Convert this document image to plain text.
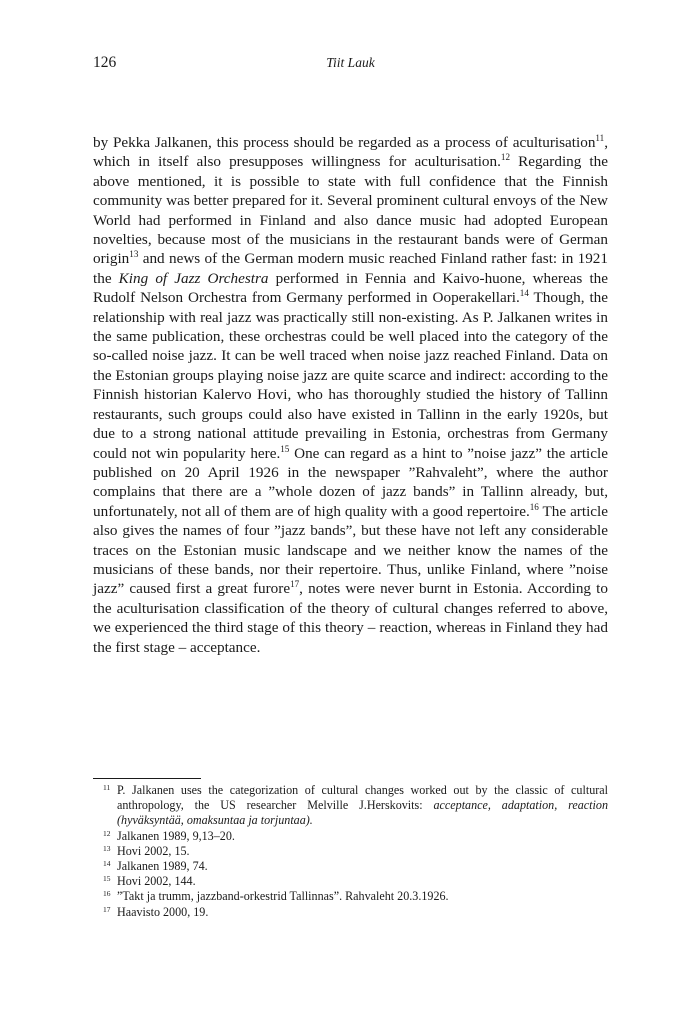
126	Tiit Lauk

by Pekka Jalkanen, this process should be regarded as a process of aculturisation$^{11}$, which in itself also presupposes willingness for aculturisation.$^{12}$ Regarding the above mentioned, it is possible to state with full confidence that the Finnish community was better prepared for it. Several prominent cultural envoys of the New World had performed in Finland and also dance music had adopted European novelties, because most of the musicians in the restaurant bands were of German origin$^{13}$ and news of the German modern music reached Finland rather fast: in 1921 the King of Jazz Orchestra performed in Fennia and Kaivo-huone, whereas the Rudolf Nelson Orchestra from Germany performed in Ooperakellari.$^{14}$ Though, the relationship with real jazz was practically still non-existing. As P. Jalkanen writes in the same publication, these orchestras could be well placed into the category of the so-called noise jazz. It can be well traced when noise jazz reached Finland. Data on the Estonian groups playing noise jazz are quite scarce and indirect: according to the Finnish historian Kalervo Hovi, who has thoroughly studied the history of Tallinn restaurants, such groups could also have existed in Tallinn in the early 1920s, but due to a strong national attitude prevailing in Estonia, orchestras from Germany could not win popularity here.$^{15}$ One can regard as a hint to ”noise jazz” the article published on 20 April 1926 in the newspaper ”Rahvaleht”, where the author complains that there are a ”whole dozen of jazz bands” in Tallinn already, but, unfortunately, not all of them are of high quality with a good repertoire.$^{16}$ The article also gives the names of four ”jazz bands”, but these have not left any considerable traces on the Estonian music landscape and we neither know the names of the musicians of these bands, nor their repertoire. Thus, unlike Finland, where ”noise jazz” caused first a great furore$^{17}$, notes were never burnt in Estonia. According to the aculturisation classification of the theory of cultural changes referred to above, we experienced the third stage of this theory – reaction, whereas in Finland they had the first stage – acceptance.

11 P. Jalkanen uses the categorization of cultural changes worked out by the classic of cultural anthropology, the US researcher Melville J.Herskovits: acceptance, adaptation, reaction (hyväksyntää, omaksuntaa ja torjuntaa).
12 Jalkanen 1989, 9,13–20.
13 Hovi 2002, 15.
14 Jalkanen 1989, 74.
15 Hovi 2002, 144.
16 ”Takt ja trumm, jazzband-orkestrid Tallinnas”. Rahvaleht 20.3.1926.
17 Haavisto 2000, 19.
